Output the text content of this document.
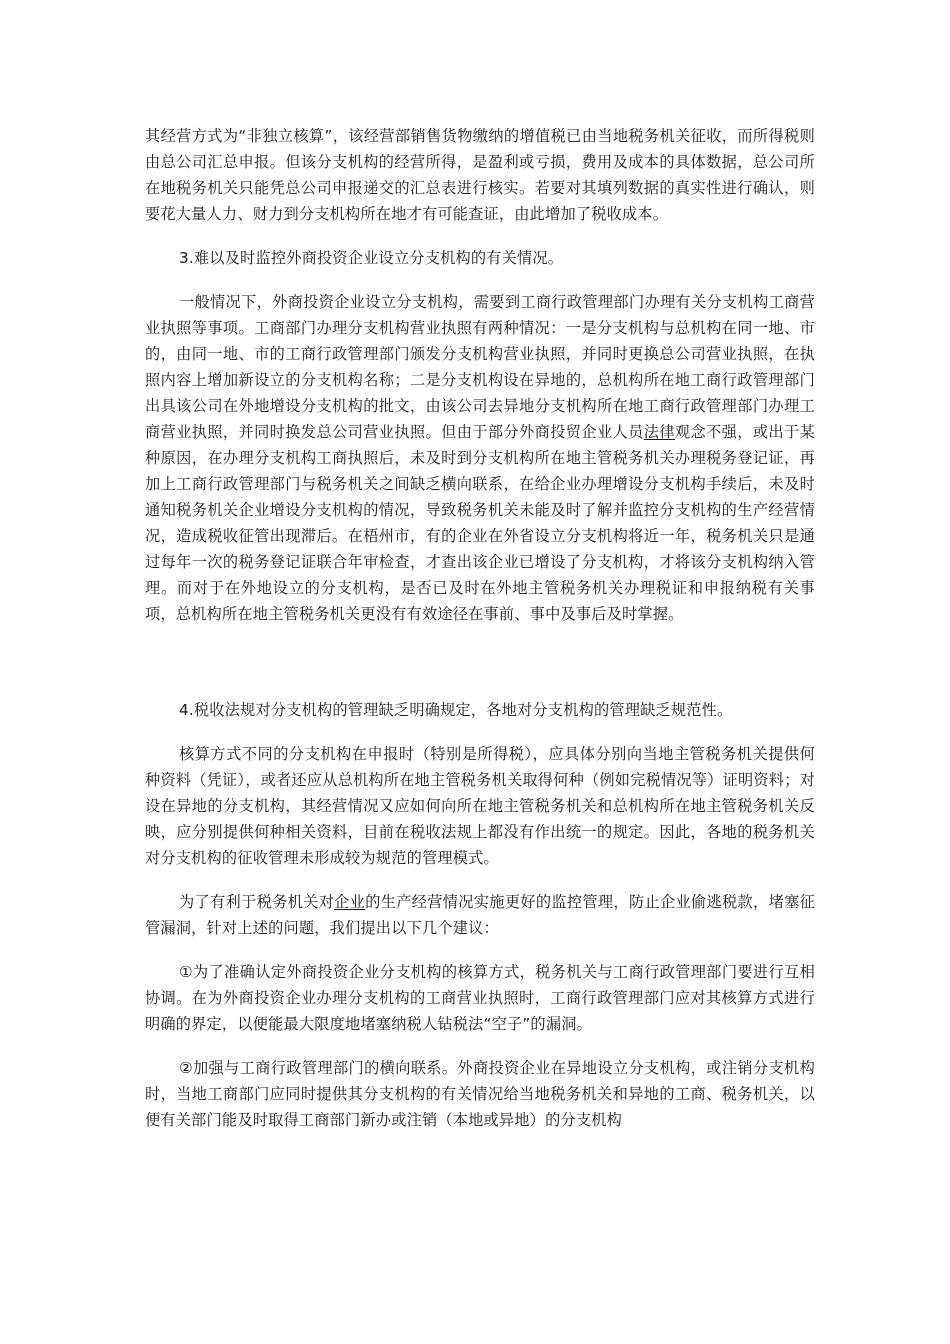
其经营方式为“非独立核算”，该经营部销售货物缴纳的增值税已由当地税务机关征收，而所得税则由总公司汇总申报。但该分支机构的经营所得，是盈利或亏损，费用及成本的具体数据，总公司所在地税务机关只能凭总公司申报递交的汇总表进行核实。若要对其填列数据的真实性进行确认，则要花大量人力、财力到分支机构所在地才有可能查证，由此增加了税收成本。

3.难以及时监控外商投资企业设立分支机构的有关情况。

一般情况下，外商投资企业设立分支机构，需要到工商行政管理部门办理有关分支机构工商营业执照等事项。工商部门办理分支机构营业执照有两种情况：一是分支机构与总机构在同一地、市的，由同一地、市的工商行政管理部门颁发分支机构营业执照，并同时更换总公司营业执照，在执照内容上增加新设立的分支机构名称；二是分支机构设在异地的，总机构所在地工商行政管理部门出具该公司在外地增设分支机构的批文，由该公司去异地分支机构所在地工商行政管理部门办理工商营业执照，并同时换发总公司营业执照。但由于部分外商投贸企业人员法律观念不强，或出于某种原因，在办理分支机构工商执照后，未及时到分支机构所在地主管税务机关办理税务登记证，再加上工商行政管理部门与税务机关之间缺乏横向联系，在给企业办理增设分支机构手续后，未及时通知税务机关企业增设分支机构的情况，导致税务机关未能及时了解并监控分支机构的生产经营情况，造成税收征管出现滞后。在梧州市，有的企业在外省设立分支机构将近一年，税务机关只是通过每年一次的税务登记证联合年审检查，才查出该企业已增设了分支机构，才将该分支机构纳入管理。而对于在外地设立的分支机构，是否已及时在外地主管税务机关办理税证和申报纳税有关事项，总机构所在地主管税务机关更没有有效途径在事前、事中及事后及时掌握。

4.税收法规对分支机构的管理缺乏明确规定，各地对分支机构的管理缺乏规范性。

核算方式不同的分支机构在申报时（特别是所得税），应具体分别向当地主管税务机关提供何种资料（凭证），或者还应从总机构所在地主管税务机关取得何种（例如完税情况等）证明资料；对设在异地的分支机构，其经营情况又应如何向所在地主管税务机关和总机构所在地主管税务机关反映，应分别提供何种相关资料，目前在税收法规上都没有作出统一的规定。因此，各地的税务机关对分支机构的征收管理未形成较为规范的管理模式。

为了有利于税务机关对企业的生产经营情况实施更好的监控管理，防止企业偷逃税款，堵塞征管漏洞，针对上述的问题，我们提出以下几个建议：

①为了准确认定外商投资企业分支机构的核算方式，税务机关与工商行政管理部门要进行互相协调。在为外商投资企业办理分支机构的工商营业执照时，工商行政管理部门应对其核算方式进行明确的界定，以便能最大限度地堵塞纳税人钻税法“空子”的漏洞。

②加强与工商行政管理部门的横向联系。外商投资企业在异地设立分支机构，或注销分支机构时，当地工商部门应同时提供其分支机构的有关情况给当地税务机关和异地的工商、税务机关，以便有关部门能及时取得工商部门新办或注销（本地或异地）的分支机构
